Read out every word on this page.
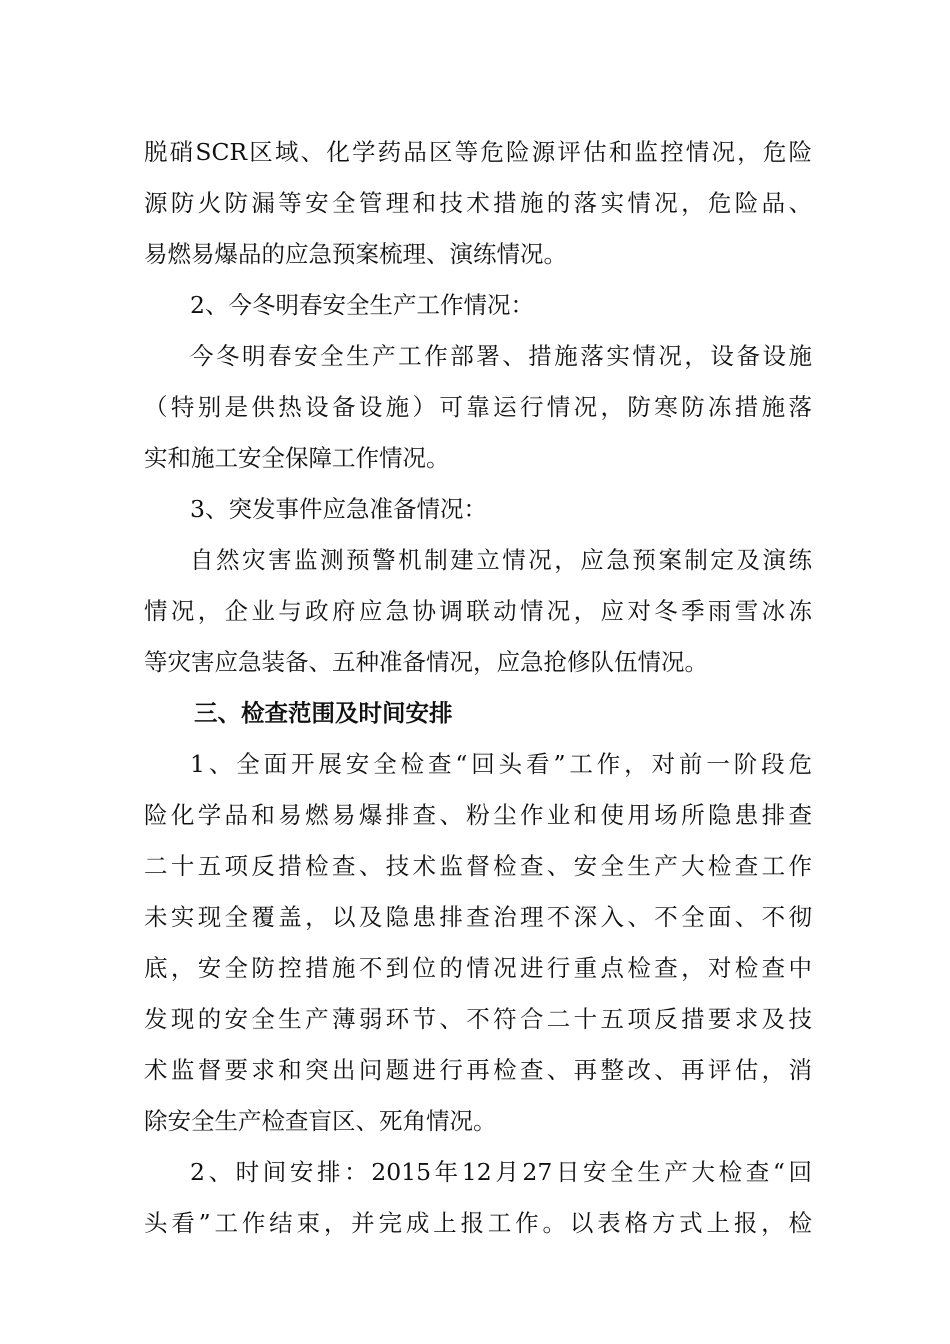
脱硝SCR区域、化学药品区等危险源评估和监控情况，危险
源防火防漏等安全管理和技术措施的落实情况，危险品、
易燃易爆品的应急预案梳理、演练情况。
2、今冬明春安全生产工作情况：
今冬明春安全生产工作部署、措施落实情况，设备设施
（特别是供热设备设施）可靠运行情况，防寒防冻措施落
实和施工安全保障工作情况。
3、突发事件应急准备情况：
自然灾害监测预警机制建立情况，应急预案制定及演练
情况，企业与政府应急协调联动情况，应对冬季雨雪冰冻
等灾害应急装备、五种准备情况，应急抢修队伍情况。
三、检查范围及时间安排
1、全面开展安全检查“回头看”工作，对前一阶段危
险化学品和易燃易爆排查、粉尘作业和使用场所隐患排查
二十五项反措检查、技术监督检查、安全生产大检查工作
未实现全覆盖，以及隐患排查治理不深入、不全面、不彻
底，安全防控措施不到位的情况进行重点检查，对检查中
发现的安全生产薄弱环节、不符合二十五项反措要求及技
术监督要求和突出问题进行再检查、再整改、再评估，消
除安全生产检查盲区、死角情况。
2、时间安排：2015年12月27日安全生产大检查“回
头看”工作结束，并完成上报工作。以表格方式上报，检
